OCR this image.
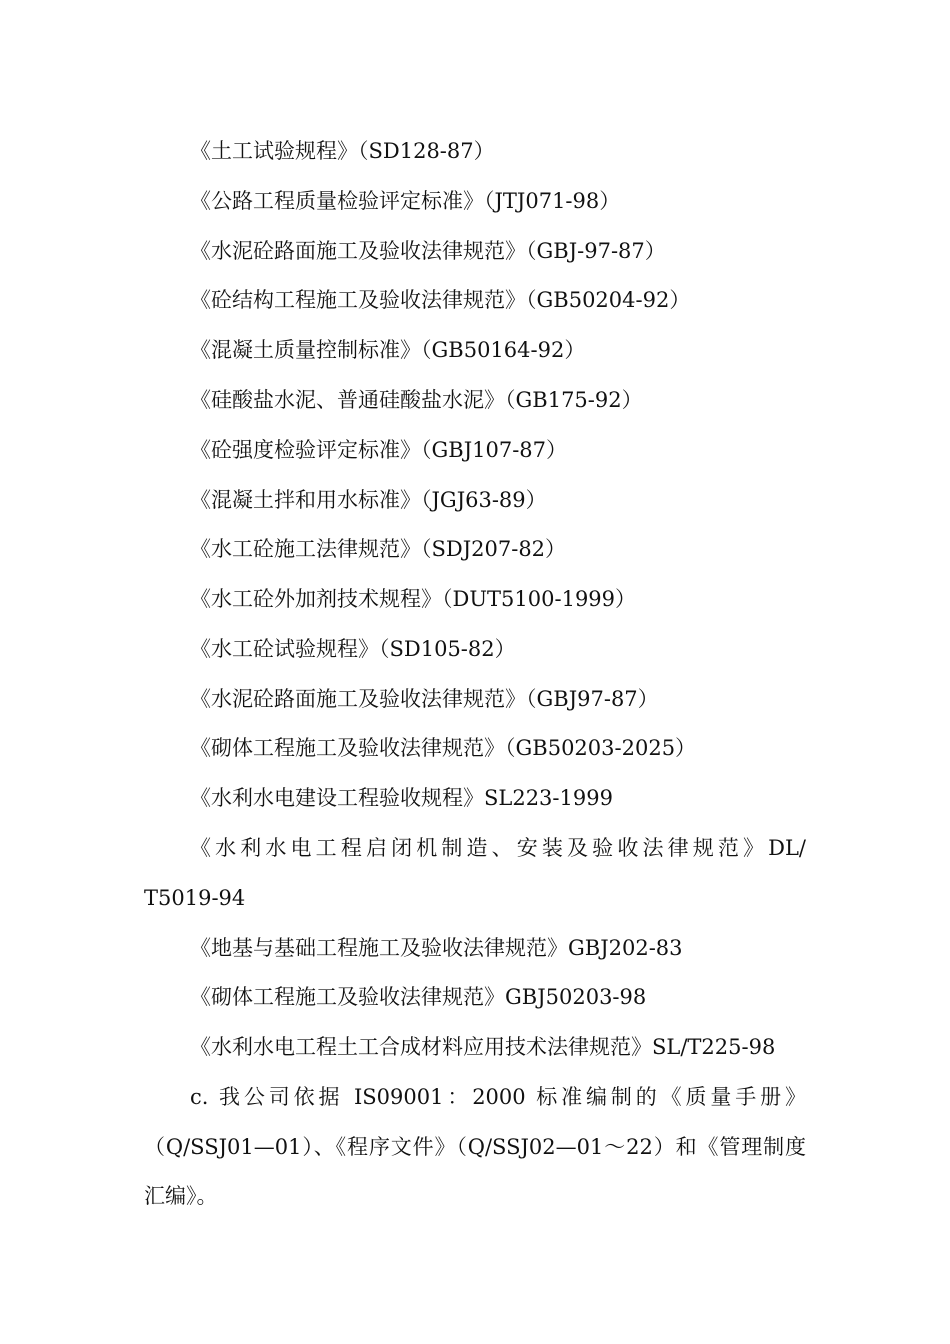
《土工试验规程》（SD128-87）
《公路工程质量检验评定标准》（JTJ071-98）
《水泥砼路面施工及验收法律规范》（GBJ-97-87）
《砼结构工程施工及验收法律规范》（GB50204-92）
《混凝土质量控制标准》（GB50164-92）
《硅酸盐水泥、普通硅酸盐水泥》（GB175-92）
《砼强度检验评定标准》（GBJ107-87）
《混凝土拌和用水标准》（JGJ63-89）
《水工砼施工法律规范》（SDJ207-82）
《水工砼外加剂技术规程》（DUT5100-1999）
《水工砼试验规程》（SD105-82）
《水泥砼路面施工及验收法律规范》（GBJ97-87）
《砌体工程施工及验收法律规范》（GB50203-2025）
《水利水电建设工程验收规程》SL223-1999
《水利水电工程启闭机制造、安装及验收法律规范》DL/
T5019-94
《地基与基础工程施工及验收法律规范》GBJ202-83
《砌体工程施工及验收法律规范》GBJ50203-98
《水利水电工程土工合成材料应用技术法律规范》SL/T225-98
c. 我公司依据 IS09001：2000 标准编制的《质量手册》
（Q/SSJ01—01）、《程序文件》（Q/SSJ02—01～22）和《管理制度
汇编》。
